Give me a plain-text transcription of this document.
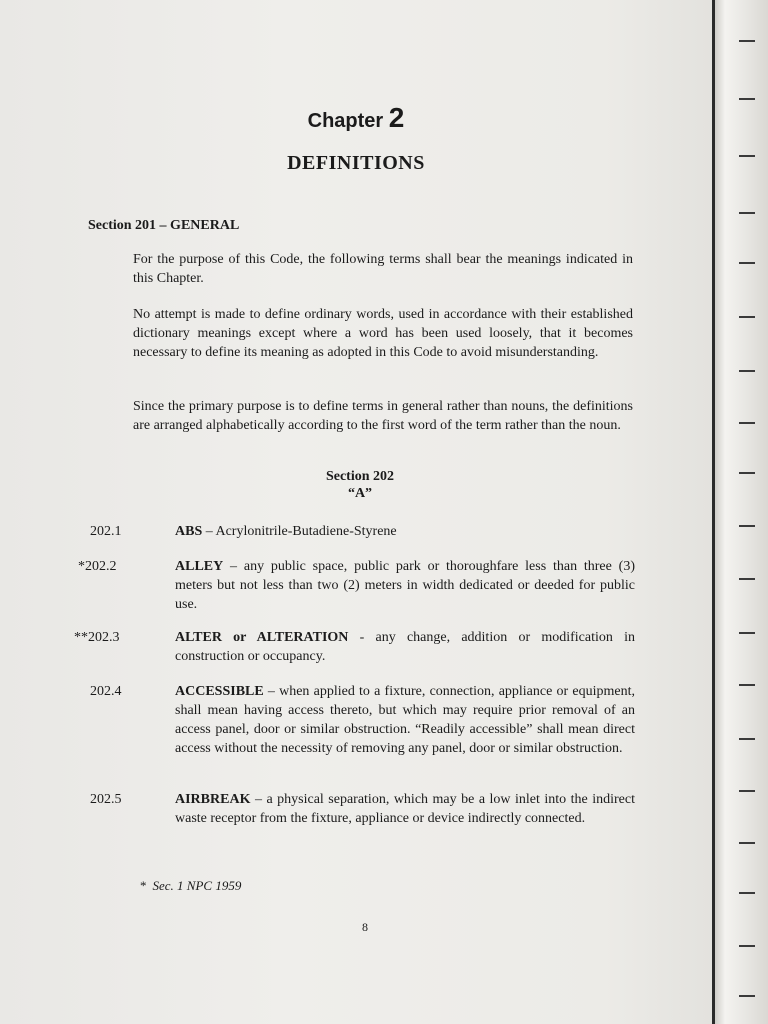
Chapter 2
DEFINITIONS
Section 201 – GENERAL
For the purpose of this Code, the following terms shall bear the meanings indicated in this Chapter.
No attempt is made to define ordinary words, used in accordance with their established dictionary meanings except where a word has been used loosely, that it becomes necessary to define its meaning as adopted in this Code to avoid misunderstanding.
Since the primary purpose is to define terms in general rather than nouns, the definitions are arranged alphabetically according to the first word of the term rather than the noun.
Section 202
“A”
202.1	ABS – Acrylonitrile-Butadiene-Styrene
*202.2	ALLEY – any public space, public park or thoroughfare less than three (3) meters but not less than two (2) meters in width dedicated or deeded for public use.
**202.3	ALTER or ALTERATION - any change, addition or modification in construction or occupancy.
202.4	ACCESSIBLE – when applied to a fixture, connection, appliance or equipment, shall mean having access thereto, but which may require prior removal of an access panel, door or similar obstruction. “Readily accessible” shall mean direct access without the necessity of removing any panel, door or similar obstruction.
202.5	AIRBREAK – a physical separation, which may be a low inlet into the indirect waste receptor from the fixture, appliance or device indirectly connected.
* Sec. 1 NPC 1959
8
